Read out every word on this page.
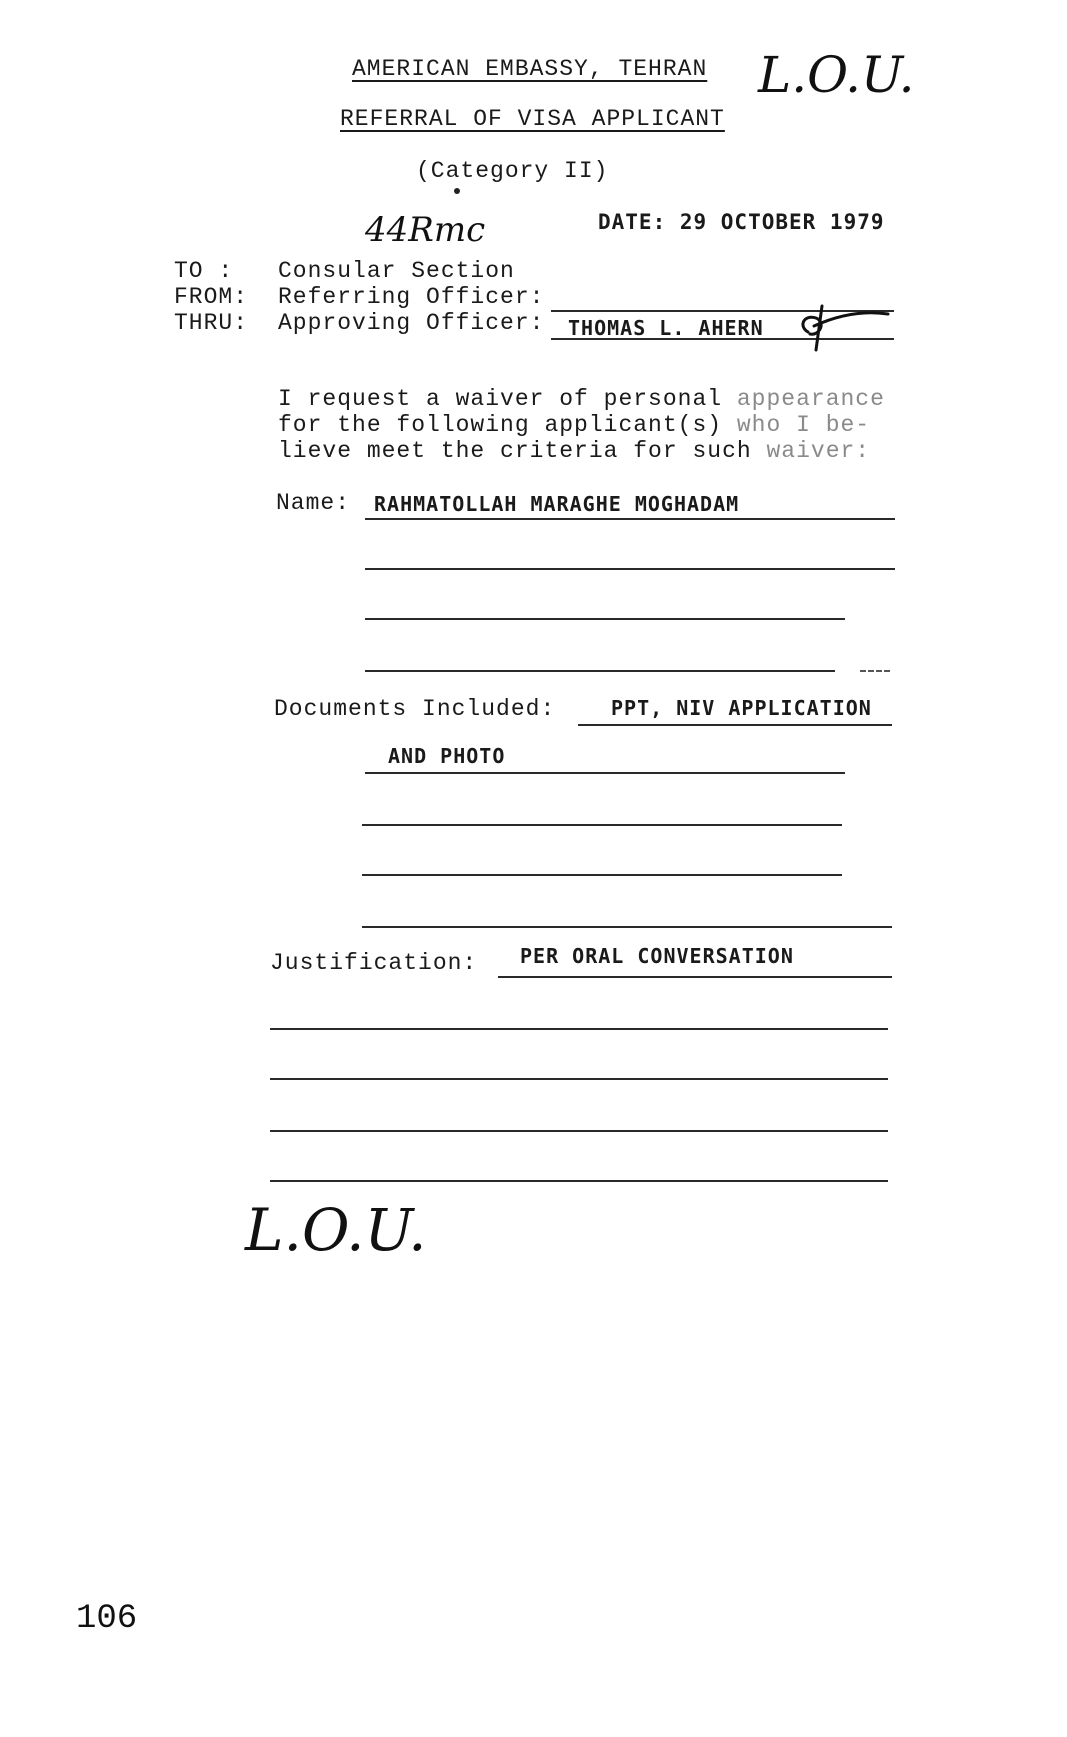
AMERICAN EMBASSY, TEHRAN
REFERRAL OF VISA APPLICANT
(Category II)
L.O.U.
44Rmc	DATE: 29 OCTOBER 1979
TO : Consular Section
FROM: Referring Officer:
THRU: Approving Officer: THOMAS L. AHERN
I request a waiver of personal appearance
for the following applicant(s) who I be-
lieve meet the criteria for such waiver:
Name: RAHMATOLLAH MARAGHE MOGHADAM
Documents Included:	PPT, NIV APPLICATION
AND PHOTO
Justification: PER ORAL CONVERSATION
L.O.U.
106
